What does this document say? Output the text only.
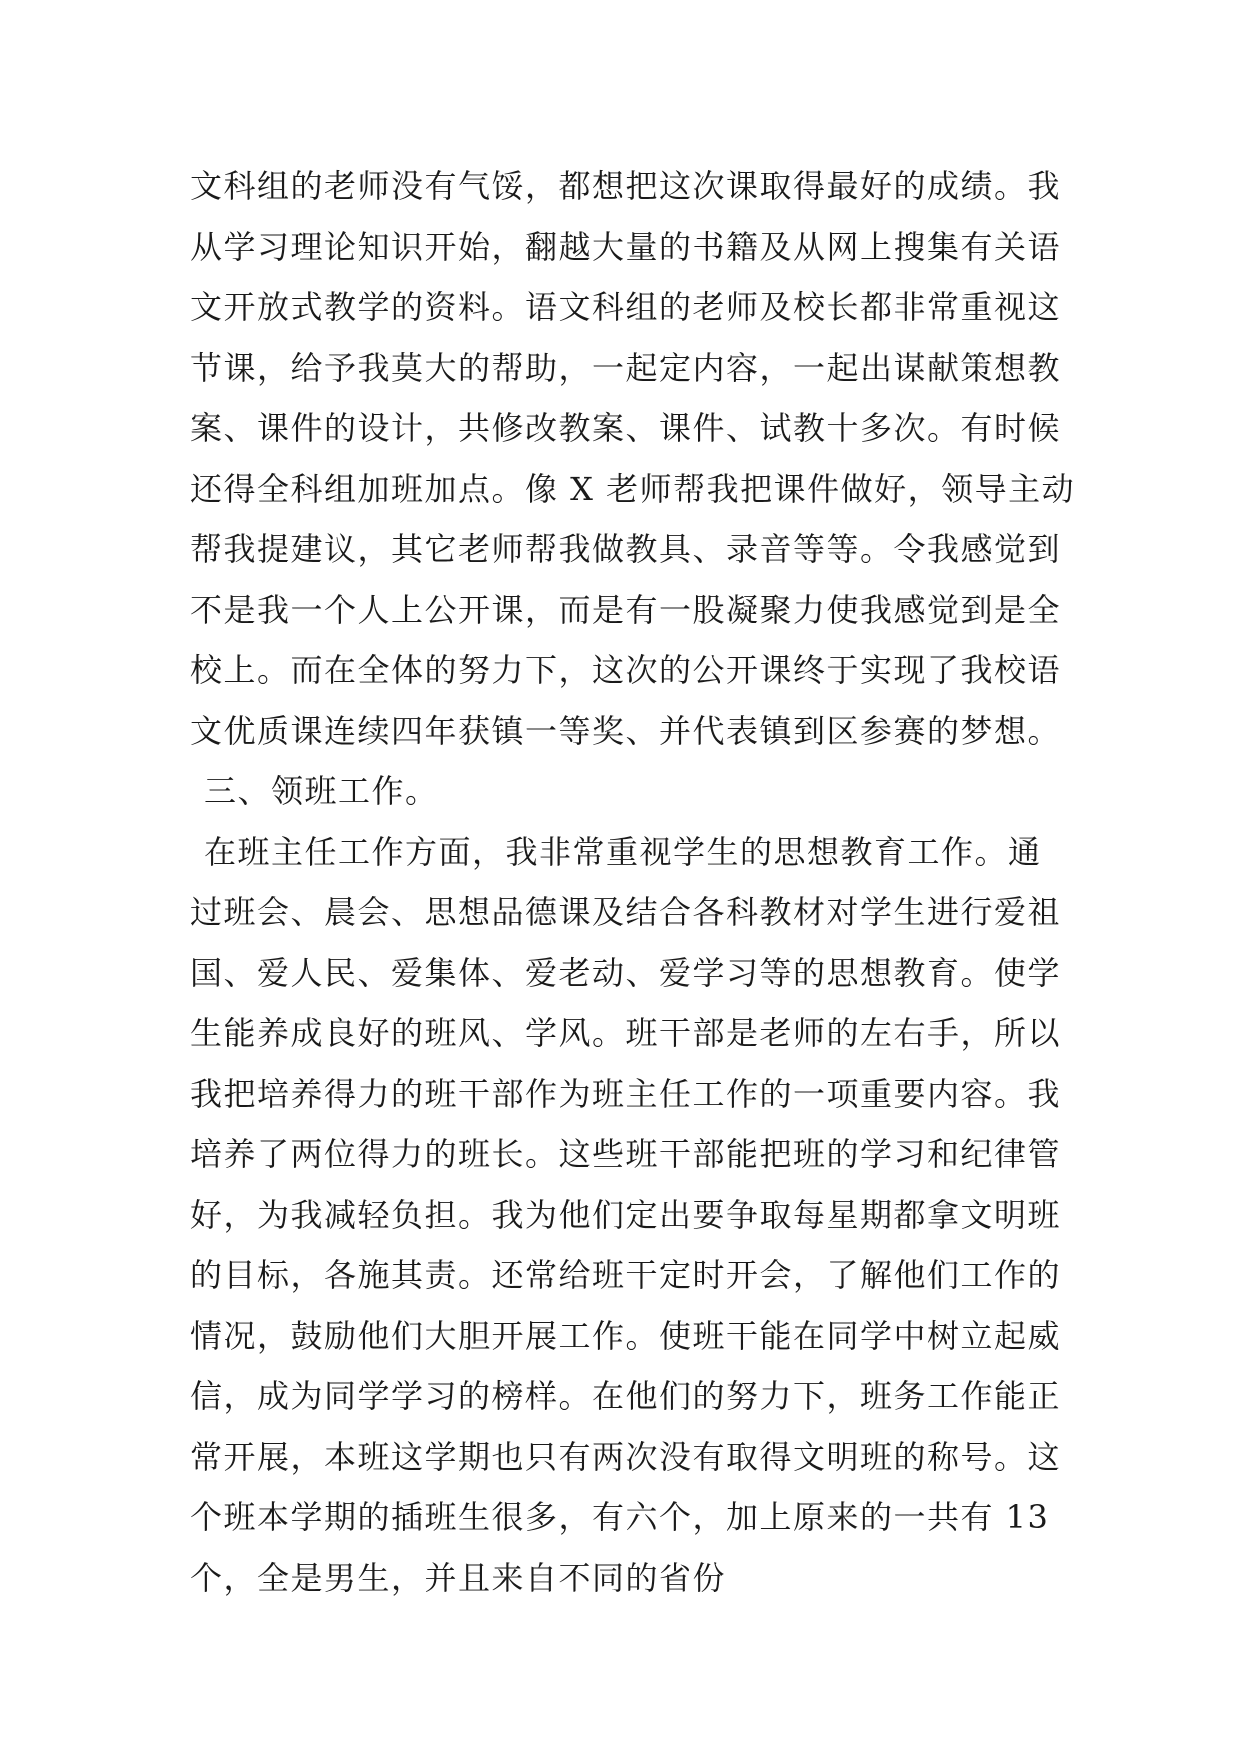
文科组的老师没有气馁，都想把这次课取得最好的成绩。我
从学习理论知识开始，翻越大量的书籍及从网上搜集有关语
文开放式教学的资料。语文科组的老师及校长都非常重视这
节课，给予我莫大的帮助，一起定内容，一起出谋献策想教
案、课件的设计，共修改教案、课件、试教十多次。有时候
还得全科组加班加点。像 X 老师帮我把课件做好，领导主动
帮我提建议，其它老师帮我做教具、录音等等。令我感觉到
不是我一个人上公开课，而是有一股凝聚力使我感觉到是全
校上。而在全体的努力下，这次的公开课终于实现了我校语
文优质课连续四年获镇一等奖、并代表镇到区参赛的梦想。
三、领班工作。
在班主任工作方面，我非常重视学生的思想教育工作。通
过班会、晨会、思想品德课及结合各科教材对学生进行爱祖
国、爱人民、爱集体、爱老动、爱学习等的思想教育。使学
生能养成良好的班风、学风。班干部是老师的左右手，所以
我把培养得力的班干部作为班主任工作的一项重要内容。我
培养了两位得力的班长。这些班干部能把班的学习和纪律管
好，为我减轻负担。我为他们定出要争取每星期都拿文明班
的目标，各施其责。还常给班干定时开会，了解他们工作的
情况，鼓励他们大胆开展工作。使班干能在同学中树立起威
信，成为同学学习的榜样。在他们的努力下，班务工作能正
常开展，本班这学期也只有两次没有取得文明班的称号。这
个班本学期的插班生很多，有六个，加上原来的一共有 13
个，全是男生，并且来自不同的省份
